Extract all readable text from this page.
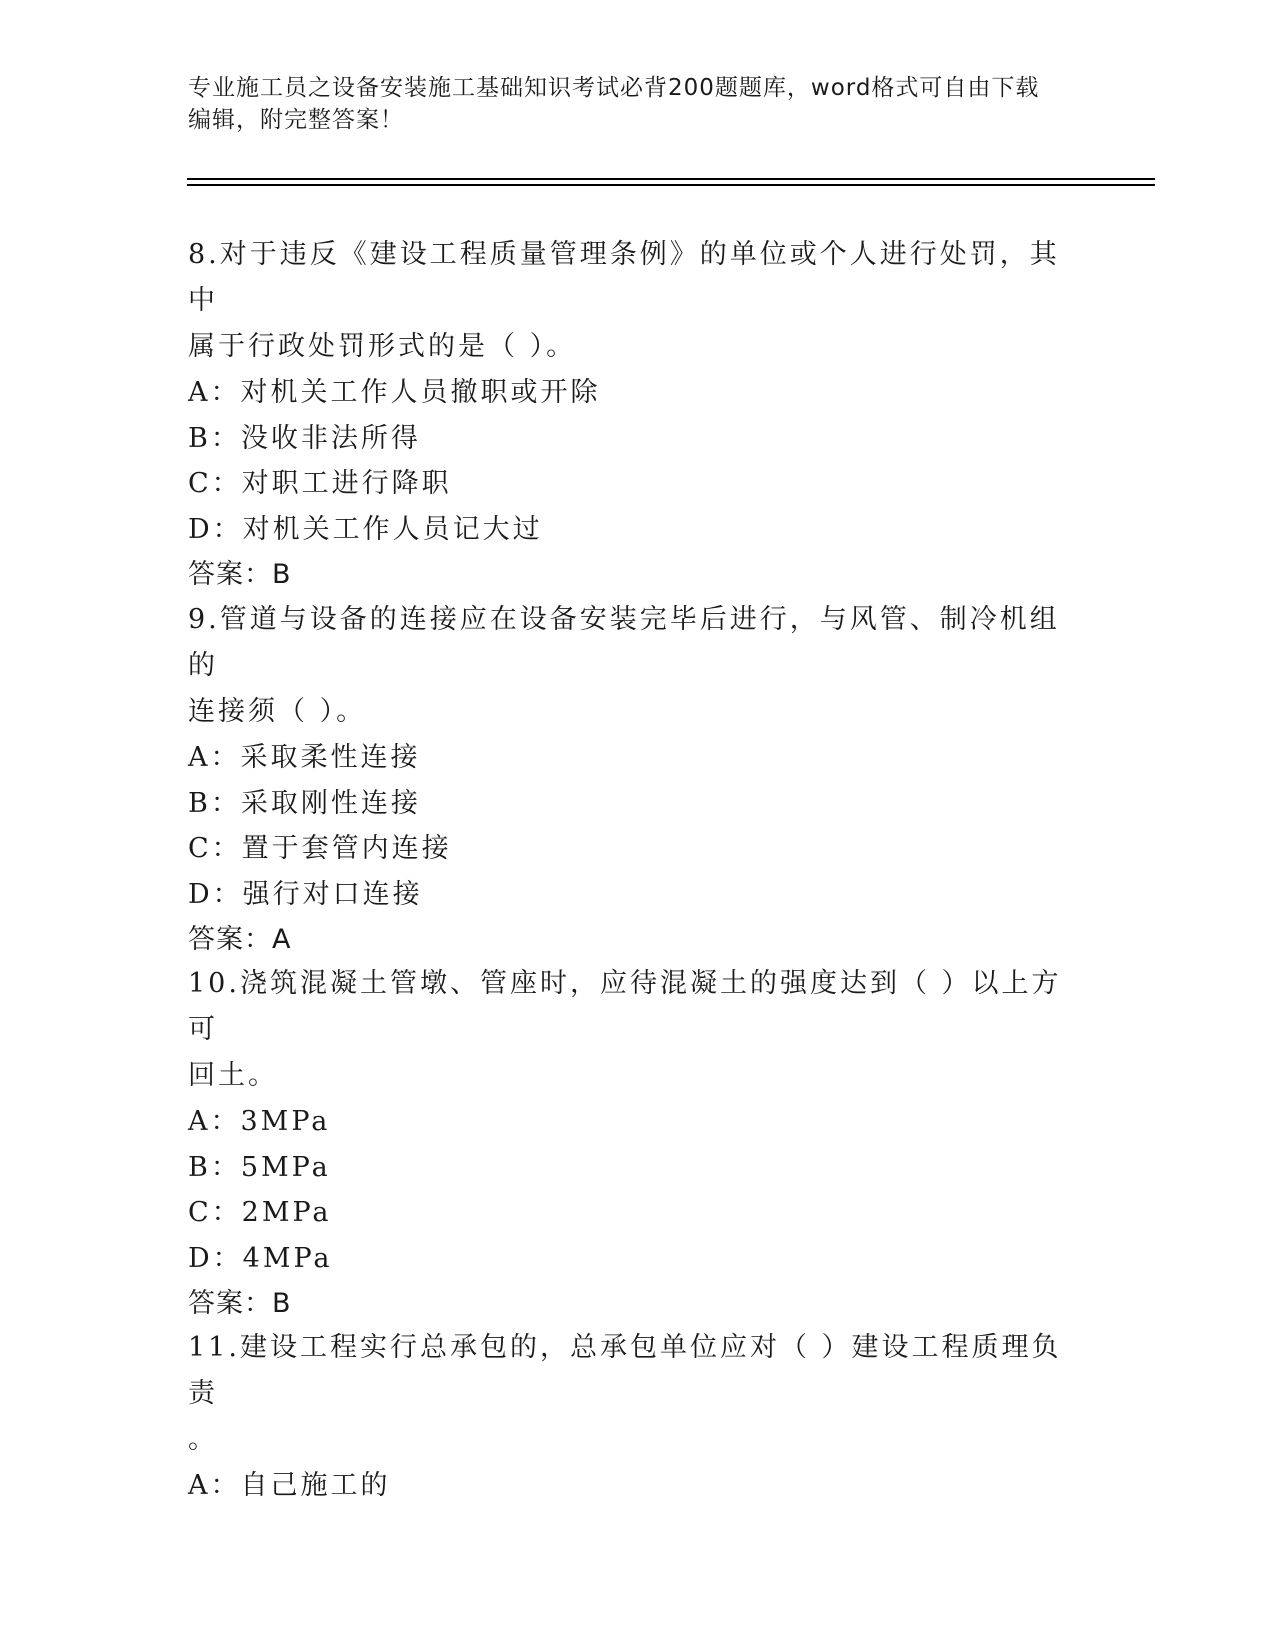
专业施工员之设备安装施工基础知识考试必背200题题库，word格式可自由下载
编辑，附完整答案！

8.对于违反《建设工程质量管理条例》的单位或个人进行处罚，其中

属于行政处罚形式的是（ ）。

A：对机关工作人员撤职或开除

B：没收非法所得

C：对职工进行降职

D：对机关工作人员记大过

答案：B

9.管道与设备的连接应在设备安装完毕后进行，与风管、制冷机组的

连接须（ ）。

A：采取柔性连接

B：采取刚性连接

C：置于套管内连接

D：强行对口连接

答案：A

10.浇筑混凝土管墩、管座时，应待混凝土的强度达到（ ）以上方可

回土。

A：3MPa

B：5MPa

C：2MPa

D：4MPa

答案：B

11.建设工程实行总承包的，总承包单位应对（ ）建设工程质理负责

。

A：自己施工的
